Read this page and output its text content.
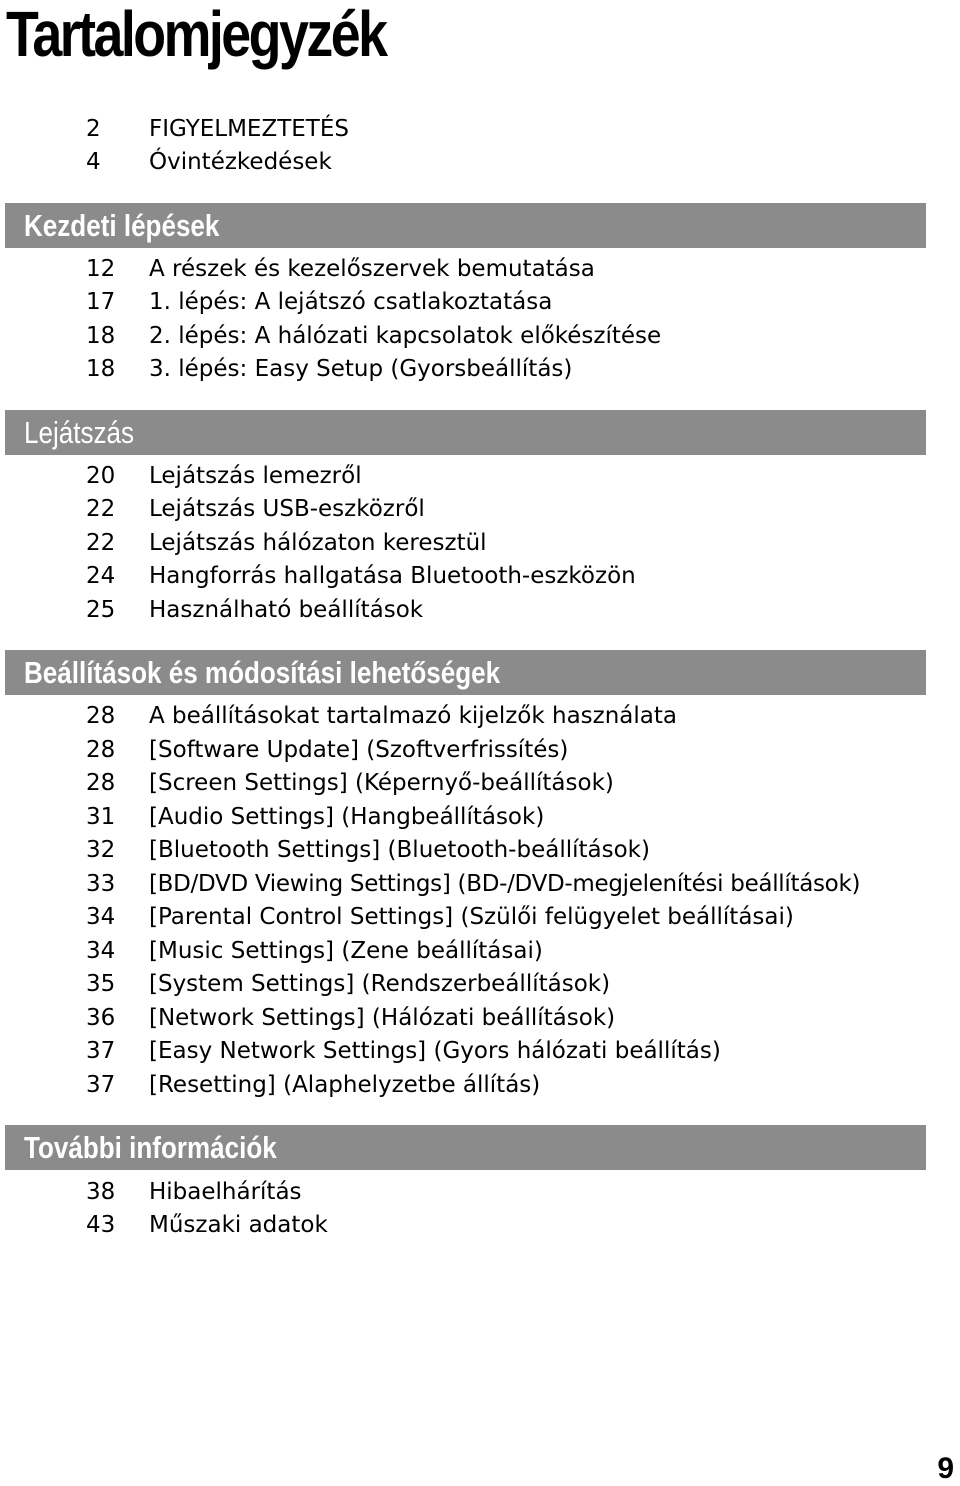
Tartalomjegyzék
2 FIGYELMEZTETÉS
4 Óvintézkedések
Kezdeti lépések
12 A részek és kezelőszervek bemutatása
17 1. lépés: A lejátszó csatlakoztatása
18 2. lépés: A hálózati kapcsolatok előkészítése
18 3. lépés: Easy Setup (Gyorsbeállítás)
Lejátszás
20 Lejátszás lemezről
22 Lejátszás USB-eszközről
22 Lejátszás hálózaton keresztül
24 Hangforrás hallgatása Bluetooth-eszközön
25 Használható beállítások
Beállítások és módosítási lehetőségek
28 A beállításokat tartalmazó kijelzők használata
28 [Software Update] (Szoftverfrissítés)
28 [Screen Settings] (Képernyő-beállítások)
31 [Audio Settings] (Hangbeállítások)
32 [Bluetooth Settings] (Bluetooth-beállítások)
33 [BD/DVD Viewing Settings] (BD-/DVD-megjelenítési beállítások)
34 [Parental Control Settings] (Szülői felügyelet beállításai)
34 [Music Settings] (Zene beállításai)
35 [System Settings] (Rendszerbeállítások)
36 [Network Settings] (Hálózati beállítások)
37 [Easy Network Settings] (Gyors hálózati beállítás)
37 [Resetting] (Alaphelyzetbe állítás)
További információk
38 Hibaelhárítás
43 Műszaki adatok
9
